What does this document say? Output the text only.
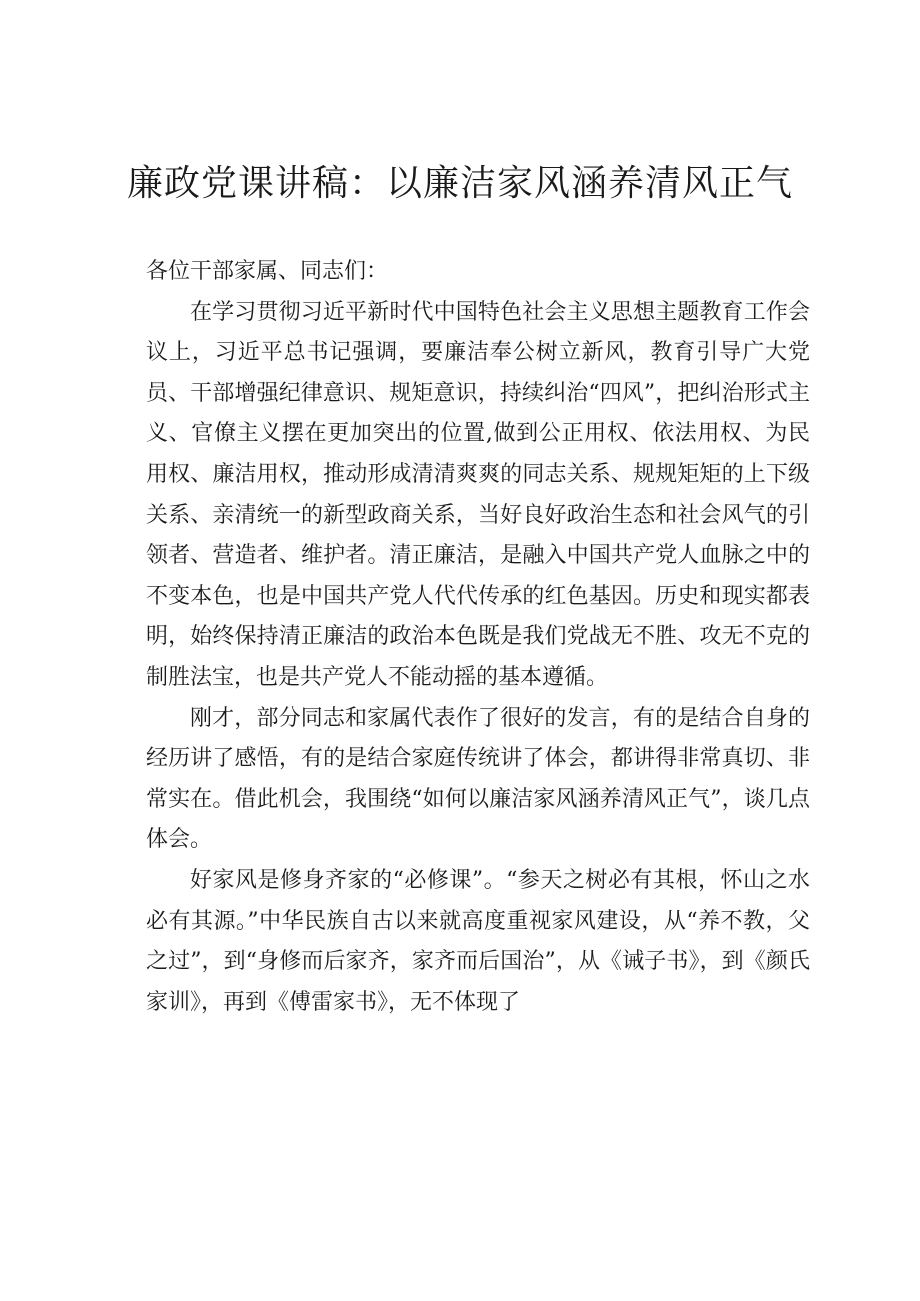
廉政党课讲稿：以廉洁家风涵养清风正气

各位干部家属、同志们：

在学习贯彻习近平新时代中国特色社会主义思想主题教育工作会议上，习近平总书记强调，要廉洁奉公树立新风，教育引导广大党员、干部增强纪律意识、规矩意识，持续纠治“四风”，把纠治形式主义、官僚主义摆在更加突出的位置,做到公正用权、依法用权、为民用权、廉洁用权，推动形成清清爽爽的同志关系、规规矩矩的上下级关系、亲清统一的新型政商关系，当好良好政治生态和社会风气的引领者、营造者、维护者。清正廉洁，是融入中国共产党人血脉之中的不变本色，也是中国共产党人代代传承的红色基因。历史和现实都表明，始终保持清正廉洁的政治本色既是我们党战无不胜、攻无不克的制胜法宝，也是共产党人不能动摇的基本遵循。

刚才，部分同志和家属代表作了很好的发言，有的是结合自身的经历讲了感悟，有的是结合家庭传统讲了体会，都讲得非常真切、非常实在。借此机会，我围绕“如何以廉洁家风涵养清风正气”，谈几点体会。

好家风是修身齐家的“必修课”。“参天之树必有其根，怀山之水必有其源。”中华民族自古以来就高度重视家风建设，从“养不教，父之过”，到“身修而后家齐，家齐而后国治”，从《诫子书》，到《颜氏家训》，再到《傅雷家书》，无不体现了
